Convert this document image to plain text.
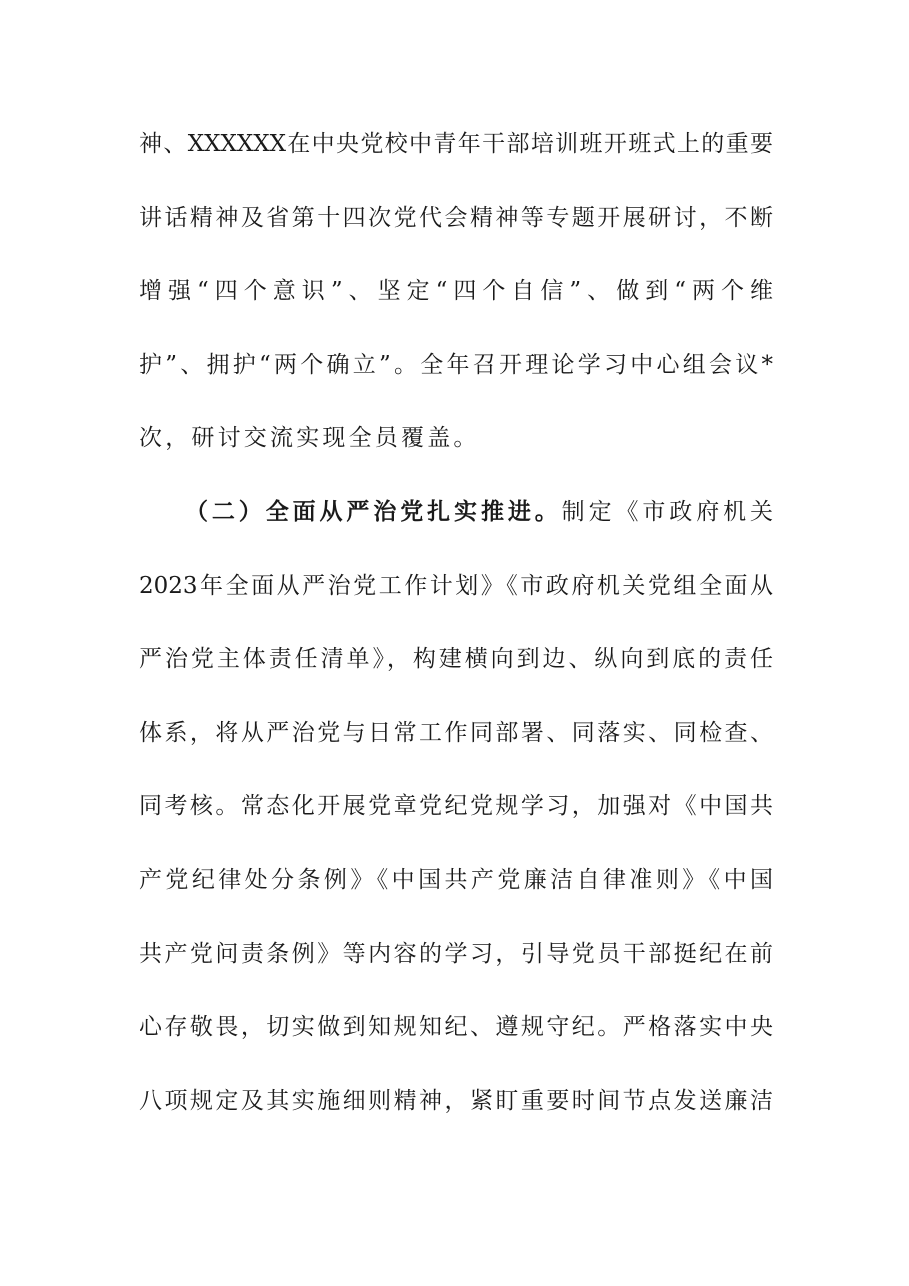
神、XXXXXX在中央党校中青年干部培训班开班式上的重要
讲话精神及省第十四次党代会精神等专题开展研讨，不断
增强“四个意识”、坚定“四个自信”、做到“两个维
护”、拥护“两个确立”。全年召开理论学习中心组会议*
次，研讨交流实现全员覆盖。
（二）全面从严治党扎实推进。制定《市政府机关
2023年全面从严治党工作计划》《市政府机关党组全面从
严治党主体责任清单》，构建横向到边、纵向到底的责任
体系，将从严治党与日常工作同部署、同落实、同检查、
同考核。常态化开展党章党纪党规学习，加强对《中国共
产党纪律处分条例》《中国共产党廉洁自律准则》《中国
共产党问责条例》等内容的学习，引导党员干部挺纪在前
心存敬畏，切实做到知规知纪、遵规守纪。严格落实中央
八项规定及其实施细则精神，紧盯重要时间节点发送廉洁
